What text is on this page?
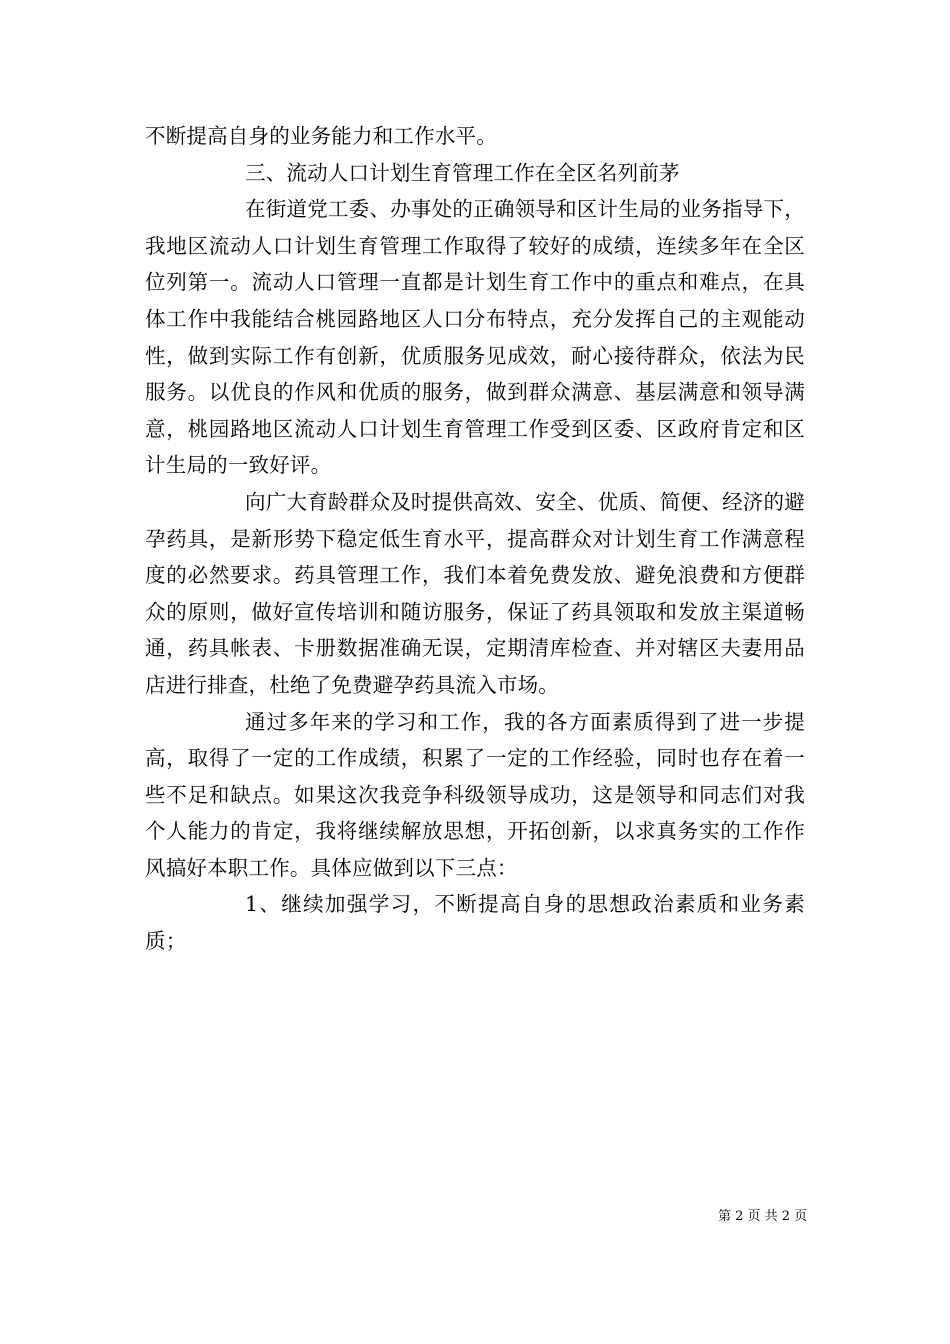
不断提高自身的业务能力和工作水平。

三、流动人口计划生育管理工作在全区名列前茅

在街道党工委、办事处的正确领导和区计生局的业务指导下，我地区流动人口计划生育管理工作取得了较好的成绩，连续多年在全区位列第一。流动人口管理一直都是计划生育工作中的重点和难点，在具体工作中我能结合桃园路地区人口分布特点，充分发挥自己的主观能动性，做到实际工作有创新，优质服务见成效，耐心接待群众，依法为民服务。以优良的作风和优质的服务，做到群众满意、基层满意和领导满意，桃园路地区流动人口计划生育管理工作受到区委、区政府肯定和区计生局的一致好评。

向广大育龄群众及时提供高效、安全、优质、简便、经济的避孕药具，是新形势下稳定低生育水平，提高群众对计划生育工作满意程度的必然要求。药具管理工作，我们本着免费发放、避免浪费和方便群众的原则，做好宣传培训和随访服务，保证了药具领取和发放主渠道畅通，药具帐表、卡册数据准确无误，定期清库检查、并对辖区夫妻用品店进行排查，杜绝了免费避孕药具流入市场。

通过多年来的学习和工作，我的各方面素质得到了进一步提高，取得了一定的工作成绩，积累了一定的工作经验，同时也存在着一些不足和缺点。如果这次我竞争科级领导成功，这是领导和同志们对我个人能力的肯定，我将继续解放思想，开拓创新，以求真务实的工作作风搞好本职工作。具体应做到以下三点：

1、继续加强学习，不断提高自身的思想政治素质和业务素质；

第 2 页 共 2 页
